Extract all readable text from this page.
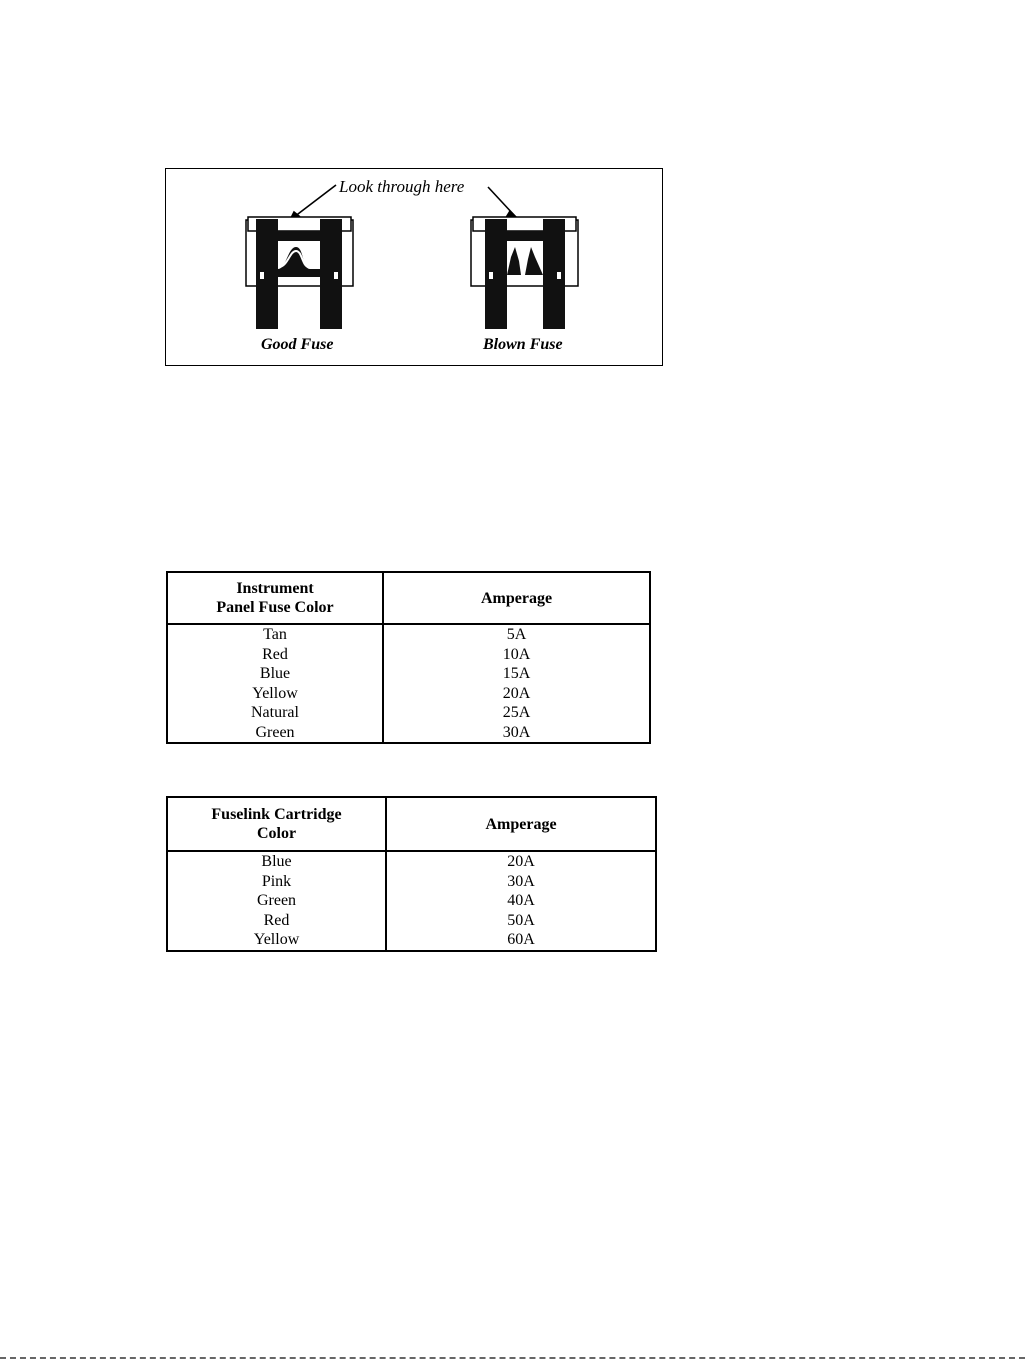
Look through here
Good Fuse	Blown Fuse
Instrument
Panel Fuse Color	Amperage
Tan	5A
Red	10A
Blue	15A
Yellow	20A
Natural	25A
Green	30A
Fuselink Cartridge
Color	Amperage
Blue	20A
Pink	30A
Green	40A
Red	50A
Yellow	60A
